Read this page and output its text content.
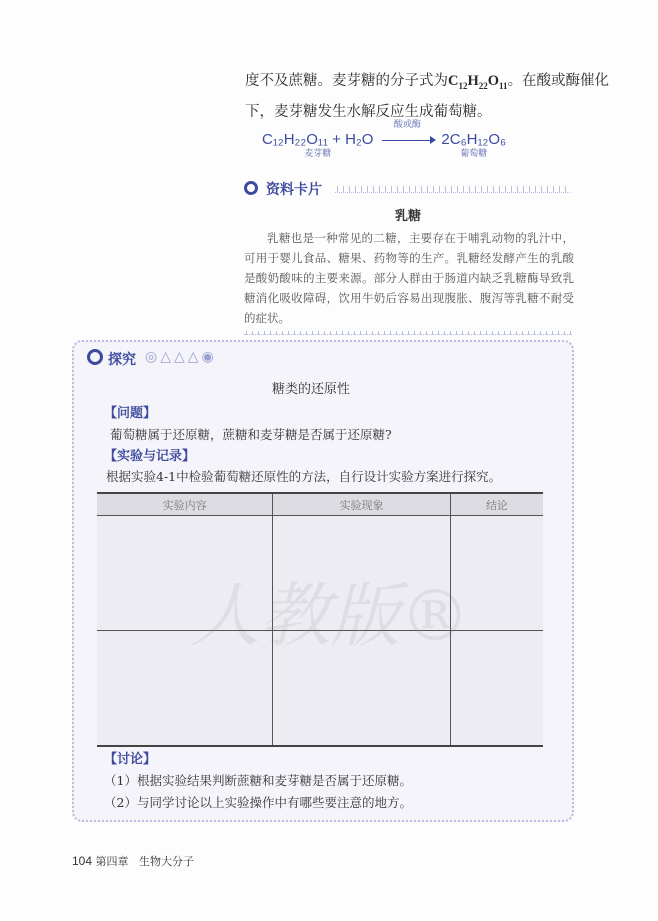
度不及蔗糖。麦芽糖的分子式为$C_{12}H_{22}O_{11}$。在酸或酶催化
下，麦芽糖发生水解反应生成葡萄糖。
C₁₂H₂₂O₁₁ + H₂O
麦芽糖
酸或酶
2C₆H₁₂O₆
葡萄糖
资料卡片
乳糖
乳糖也是一种常见的二糖，主要存在于哺乳动物的乳汁中，可用于婴儿食品、糖果、药物等的生产。乳糖经发酵产生的乳酸是酸奶酸味的主要来源。部分人群由于肠道内缺乏乳糖酶导致乳糖消化吸收障碍，饮用牛奶后容易出现腹胀、腹泻等乳糖不耐受的症状。
探究 ◎△△△◉
糖类的还原性
【问题】
葡萄糖属于还原糖，蔗糖和麦芽糖是否属于还原糖?
【实验与记录】
根据实验4-1中检验葡萄糖还原性的方法，自行设计实验方案进行探究。
实验内容	实验现象	结论

人教版®
【讨论】
（1）根据实验结果判断蔗糖和麦芽糖是否属于还原糖。
（2）与同学讨论以上实验操作中有哪些要注意的地方。
104 第四章 生物大分子
